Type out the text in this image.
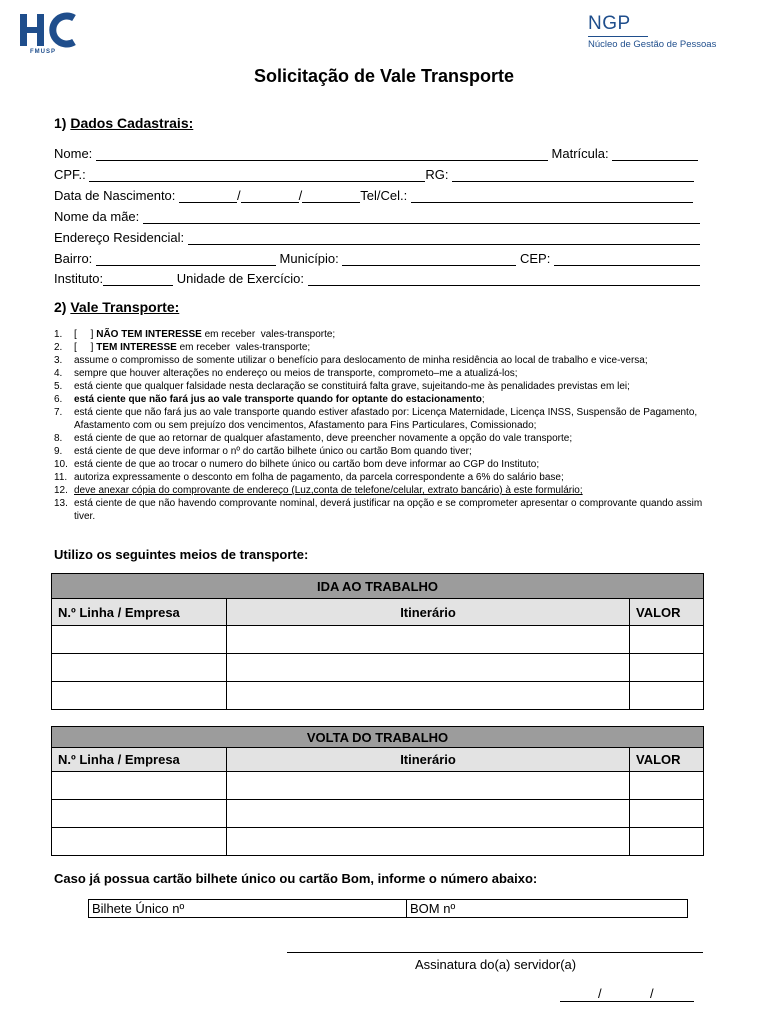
FMUSP
NGP
Núcleo de Gestão de Pessoas
Solicitação de Vale Transporte
1) Dados Cadastrais:
Nome:	Matrícula:
CPF.:	RG:
Data de Nascimento:	/	/	Tel/Cel.:
Nome da mãe:
Endereço Residencial:
Bairro:	Município:	CEP:
Instituto:	Unidade de Exercício:
2) Vale Transporte:
1. [     ] NÃO TEM INTERESSE em receber  vales-transporte;
2. [     ] TEM INTERESSE em receber  vales-transporte;
3. assume o compromisso de somente utilizar o benefício para deslocamento de minha residência ao local de trabalho e vice-versa;
4. sempre que houver alterações no endereço ou meios de transporte, comprometo–me a atualizá-los;
5. está ciente que qualquer falsidade nesta declaração se constituirá falta grave, sujeitando-me às penalidades previstas em lei;
6. está ciente que não fará jus ao vale transporte quando for optante do estacionamento;
7. está ciente que não fará jus ao vale transporte quando estiver afastado por: Licença Maternidade, Licença INSS, Suspensão de Pagamento, Afastamento com ou sem prejuízo dos vencimentos, Afastamento para Fins Particulares, Comissionado;
8. está ciente de que ao retornar de qualquer afastamento, deve preencher novamente a opção do vale transporte;
9. está ciente de que deve informar o nº do cartão bilhete único ou cartão Bom quando tiver;
10. está ciente de que ao trocar o numero do bilhete único ou cartão bom deve informar ao CGP do Instituto;
11. autoriza expressamente o desconto em folha de pagamento, da parcela correspondente a 6% do salário base;
12. deve anexar cópia do comprovante de endereço (Luz,conta de telefone/celular, extrato bancário) à este formulário;
13. está ciente de que não havendo comprovante nominal, deverá justificar na opção e se comprometer apresentar o comprovante quando assim tiver.
Utilizo os seguintes meios de transporte:
IDA AO TRABALHO		
N.º Linha / Empresa	Itinerário	VALOR

VOLTA DO TRABALHO		
N.º Linha / Empresa	Itinerário	VALOR

Caso já possua cartão bilhete único ou cartão Bom, informe o número abaixo:
Bilhete Único nº	BOM nº
Assinatura do(a) servidor(a)
/	/
